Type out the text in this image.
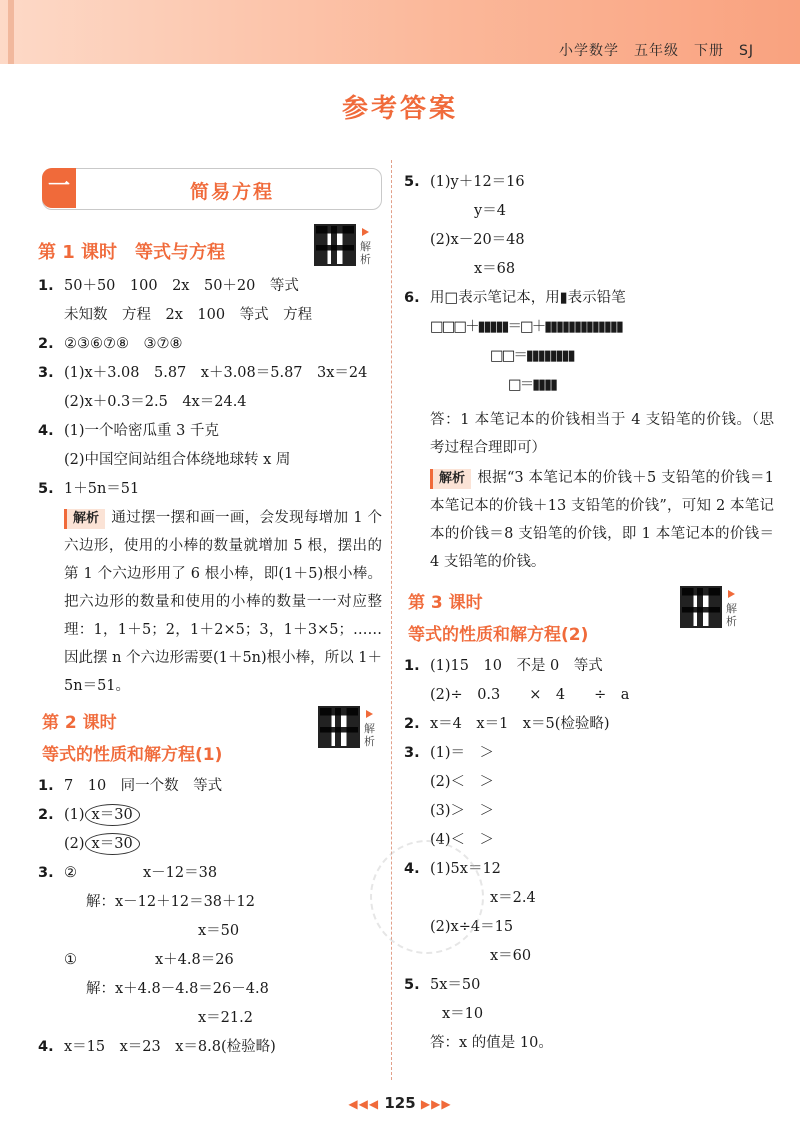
小学数学　五年级　下册　SJ
参考答案
一	简易方程
第 1 课时　等式与方程	解析
1. 50＋50　100　2x　50＋20　等式
未知数　方程　2x　100　等式　方程
2. ②③⑥⑦⑧　③⑦⑧
3. (1)x＋3.08　5.87　x＋3.08＝5.87　3x＝24
(2)x＋0.3＝2.5　4x＝24.4
4. (1)一个哈密瓜重 3 千克
(2)中国空间站组合体绕地球转 x 周
5. 1＋5n＝51
解析 通过摆一摆和画一画，会发现每增加 1 个六边形，使用的小棒的数量就增加 5 根，摆出的第 1 个六边形用了 6 根小棒，即(1＋5)根小棒。把六边形的数量和使用的小棒的数量一一对应整理：1，1＋5；2，1＋2×5；3，1＋3×5；……因此摆 n 个六边形需要(1＋5n)根小棒，所以 1＋5n＝51。
第 2 课时
等式的性质和解方程(1)
解析
1. 7　10　同一个数　等式
2. (1) x＝30
(2) x＝30
3. ②	x－12＝38
解：x－12＋12＝38＋12
x＝50
①	x＋4.8＝26
解：x＋4.8－4.8＝26－4.8
x＝21.2
4. x＝15　x＝23　x＝8.8(检验略)
5. (1)y＋12＝16
y＝4
(2)x－20＝48
x＝68
6. 用□表示笔记本，用▮表示铅笔
□□□＋▮▮▮▮▮＝□＋▮▮▮▮▮▮▮▮▮▮▮▮▮
□□＝▮▮▮▮▮▮▮▮
□＝▮▮▮▮
答：1 本笔记本的价钱相当于 4 支铅笔的价钱。（思考过程合理即可）
解析 根据“3 本笔记本的价钱＋5 支铅笔的价钱＝1 本笔记本的价钱＋13 支铅笔的价钱”，可知 2 本笔记本的价钱＝8 支铅笔的价钱，即 1 本笔记本的价钱＝4 支铅笔的价钱。
第 3 课时
等式的性质和解方程(2)
解析
1. (1)15　10　不是 0　等式
(2)÷　0.3　　×　4　　÷　a
2. x＝4　x＝1　x＝5(检验略)
3. (1)＝　＞
(2)＜　＞
(3)＞　＞
(4)＜　＞
4. (1)5x＝12
x＝2.4
(2)x÷4＝15
x＝60
5. 5x＝50
x＝10
答：x 的值是 10。
◀◀◀ 125 ▶▶▶
